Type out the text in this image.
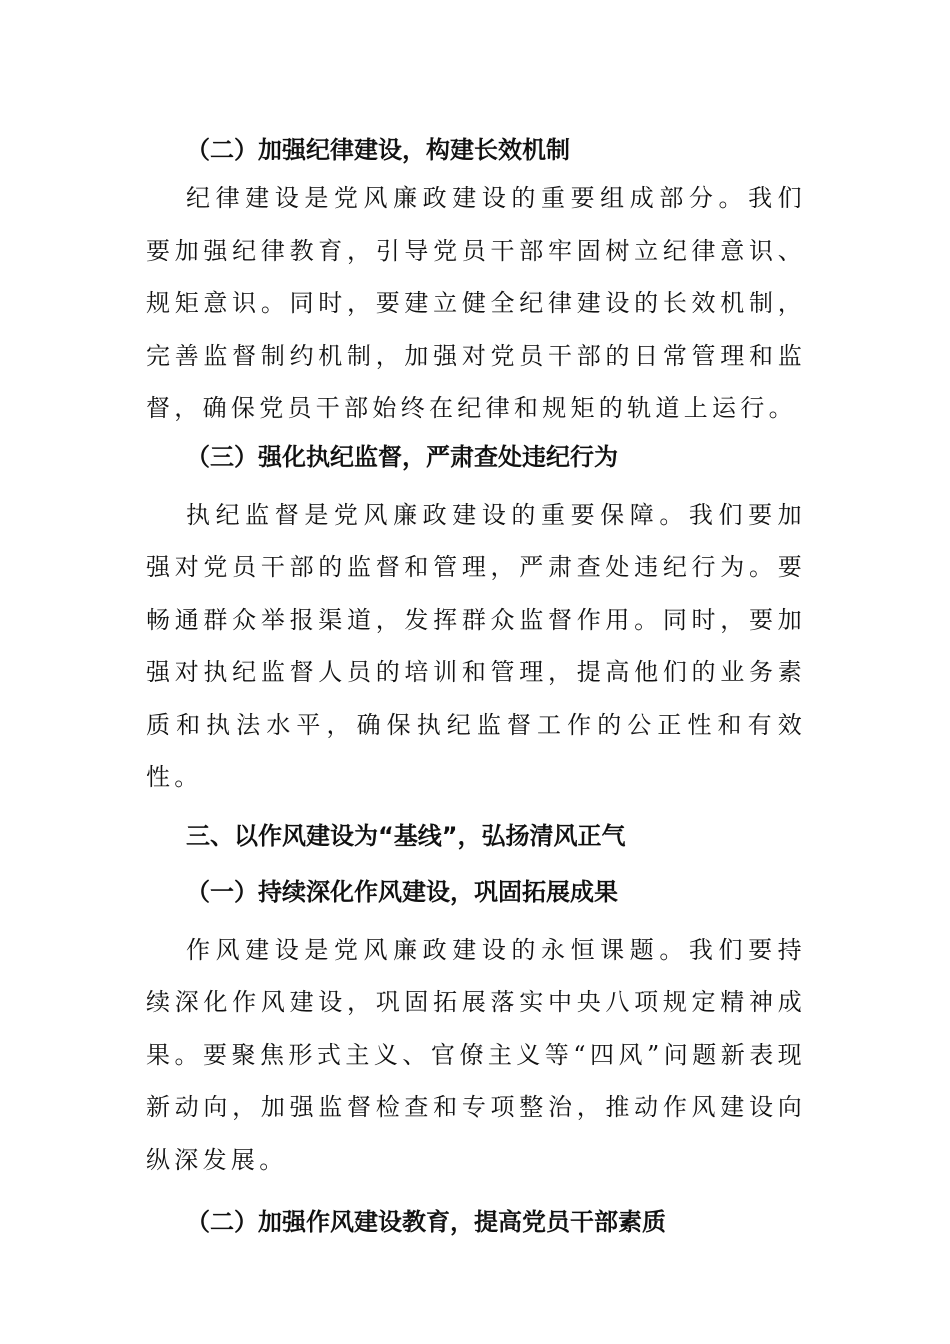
（二）加强纪律建设，构建长效机制

纪律建设是党风廉政建设的重要组成部分。我们要加强纪律教育，引导党员干部牢固树立纪律意识、规矩意识。同时，要建立健全纪律建设的长效机制，完善监督制约机制，加强对党员干部的日常管理和监督，确保党员干部始终在纪律和规矩的轨道上运行。

（三）强化执纪监督，严肃查处违纪行为

执纪监督是党风廉政建设的重要保障。我们要加强对党员干部的监督和管理，严肃查处违纪行为。要畅通群众举报渠道，发挥群众监督作用。同时，要加强对执纪监督人员的培训和管理，提高他们的业务素质和执法水平，确保执纪监督工作的公正性和有效性。

三、以作风建设为“基线”，弘扬清风正气

（一）持续深化作风建设，巩固拓展成果

作风建设是党风廉政建设的永恒课题。我们要持续深化作风建设，巩固拓展落实中央八项规定精神成果。要聚焦形式主义、官僚主义等“四风”问题新表现新动向，加强监督检查和专项整治，推动作风建设向纵深发展。

（二）加强作风建设教育，提高党员干部素质
